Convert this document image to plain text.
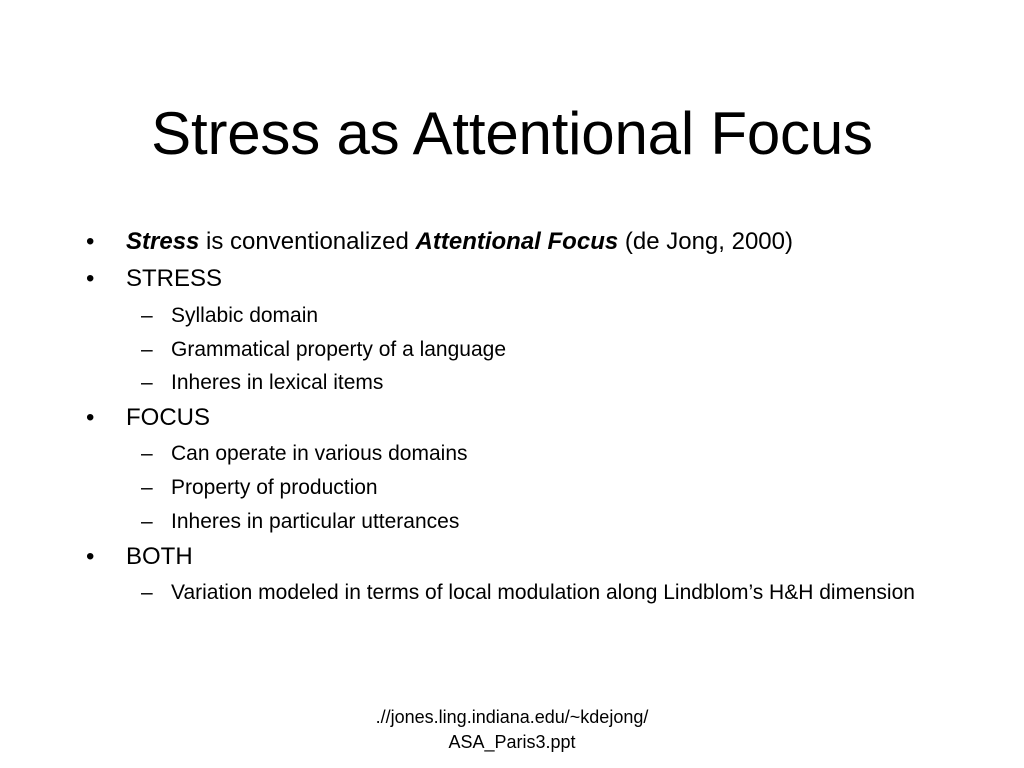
Stress as Attentional Focus
• Stress is conventionalized Attentional Focus (de Jong, 2000)
• STRESS
– Syllabic domain
– Grammatical property of a language
– Inheres in lexical items
• FOCUS
– Can operate in various domains
– Property of production
– Inheres in particular utterances
• BOTH
– Variation modeled in terms of local modulation along Lindblom’s H&H dimension
.//jones.ling.indiana.edu/~kdejong/
ASA_Paris3.ppt
